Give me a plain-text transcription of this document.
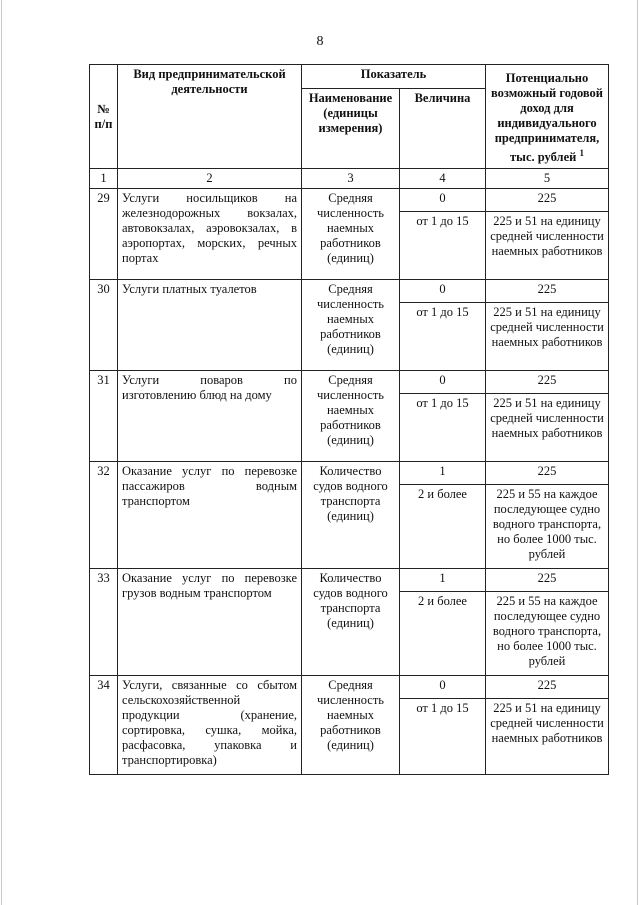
8
№ п/п	Вид предпринимательской деятельности	Показатель		Потенциально возможный годовой доход для индивидуального предпринимателя, тыс. рублей $^1$
		Наименование (единицы измерения)	Величина	
1	2	3	4	5
29	Услуги носильщиков на железнодорожных вокзалах, автовокзалах, аэровокзалах, в аэропортах, морских, речных портах	Средняя численность наемных работников (единиц)	0	225
			от 1 до 15	225 и 51 на единицу средней численности наемных работников
30	Услуги платных туалетов	Средняя численность наемных работников (единиц)	0	225
			от 1 до 15	225 и 51 на единицу средней численности наемных работников
31	Услуги поваров по изготовлению блюд на дому	Средняя численность наемных работников (единиц)	0	225
			от 1 до 15	225 и 51 на единицу средней численности наемных работников
32	Оказание услуг по перевозке пассажиров водным транспортом	Количество судов водного транспорта (единиц)	1	225
			2 и более	225 и 55 на каждое последующее судно водного транспорта, но более 1000 тыс. рублей
33	Оказание услуг по перевозке грузов водным транспортом	Количество судов водного транспорта (единиц)	1	225
			2 и более	225 и 55 на каждое последующее судно водного транспорта, но более 1000 тыс. рублей
34	Услуги, связанные со сбытом сельскохозяйственной продукции (хранение, сортировка, сушка, мойка, расфасовка, упаковка и транспортировка)	Средняя численность наемных работников (единиц)	0	225
			от 1 до 15	225 и 51 на единицу средней численности наемных работников
